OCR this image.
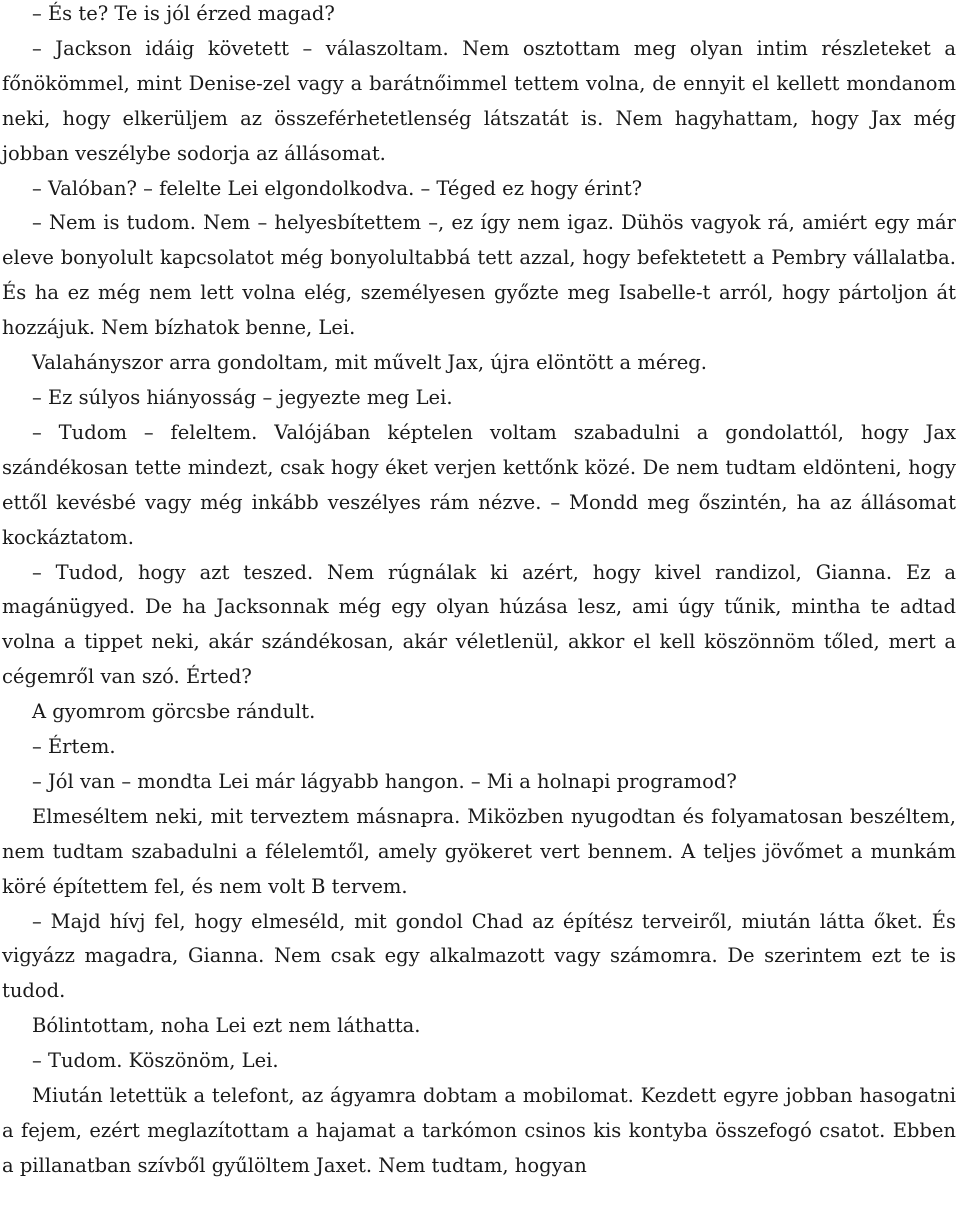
– És te? Te is jól érzed magad?

– Jackson idáig követett – válaszoltam. Nem osztottam meg olyan intim részleteket a főnökömmel, mint Denise-zel vagy a barátnőimmel tettem volna, de ennyit el kellett mondanom neki, hogy elkerüljem az összeférhetetlenség látszatát is. Nem hagyhattam, hogy Jax még jobban veszélybe sodorja az állásomat.

– Valóban? – felelte Lei elgondolkodva. – Téged ez hogy érint?

– Nem is tudom. Nem – helyesbítettem –, ez így nem igaz. Dühös vagyok rá, amiért egy már eleve bonyolult kapcsolatot még bonyolultabbá tett azzal, hogy befektetett a Pembry vállalatba. És ha ez még nem lett volna elég, személyesen győzte meg Isabelle-t arról, hogy pártoljon át hozzájuk. Nem bízhatok benne, Lei.

Valahányszor arra gondoltam, mit művelt Jax, újra elöntött a méreg.

– Ez súlyos hiányosság – jegyezte meg Lei.

– Tudom – feleltem. Valójában képtelen voltam szabadulni a gondolattól, hogy Jax szándékosan tette mindezt, csak hogy éket verjen kettőnk közé. De nem tudtam eldönteni, hogy ettől kevésbé vagy még inkább veszélyes rám nézve. – Mondd meg őszintén, ha az állásomat kockáztatom.

– Tudod, hogy azt teszed. Nem rúgnálak ki azért, hogy kivel randizol, Gianna. Ez a magánügyed. De ha Jacksonnak még egy olyan húzása lesz, ami úgy tűnik, mintha te adtad volna a tippet neki, akár szándékosan, akár véletlenül, akkor el kell köszönnöm tőled, mert a cégemről van szó. Érted?

A gyomrom görcsbe rándult.

– Értem.

– Jól van – mondta Lei már lágyabb hangon. – Mi a holnapi programod?

Elmeséltem neki, mit terveztem másnapra. Miközben nyugodtan és folyamatosan beszéltem, nem tudtam szabadulni a félelemtől, amely gyökeret vert bennem. A teljes jövőmet a munkám köré építettem fel, és nem volt B tervem.

– Majd hívj fel, hogy elmeséld, mit gondol Chad az építész terveiről, miután látta őket. És vigyázz magadra, Gianna. Nem csak egy alkalmazott vagy számomra. De szerintem ezt te is tudod.

Bólintottam, noha Lei ezt nem láthatta.

– Tudom. Köszönöm, Lei.

Miután letettük a telefont, az ágyamra dobtam a mobilomat. Kezdett egyre jobban hasogatni a fejem, ezért meglazítottam a hajamat a tarkómon csinos kis kontyba összefogó csatot. Ebben a pillanatban szívből gyűlöltem Jaxet. Nem tudtam, hogyan
